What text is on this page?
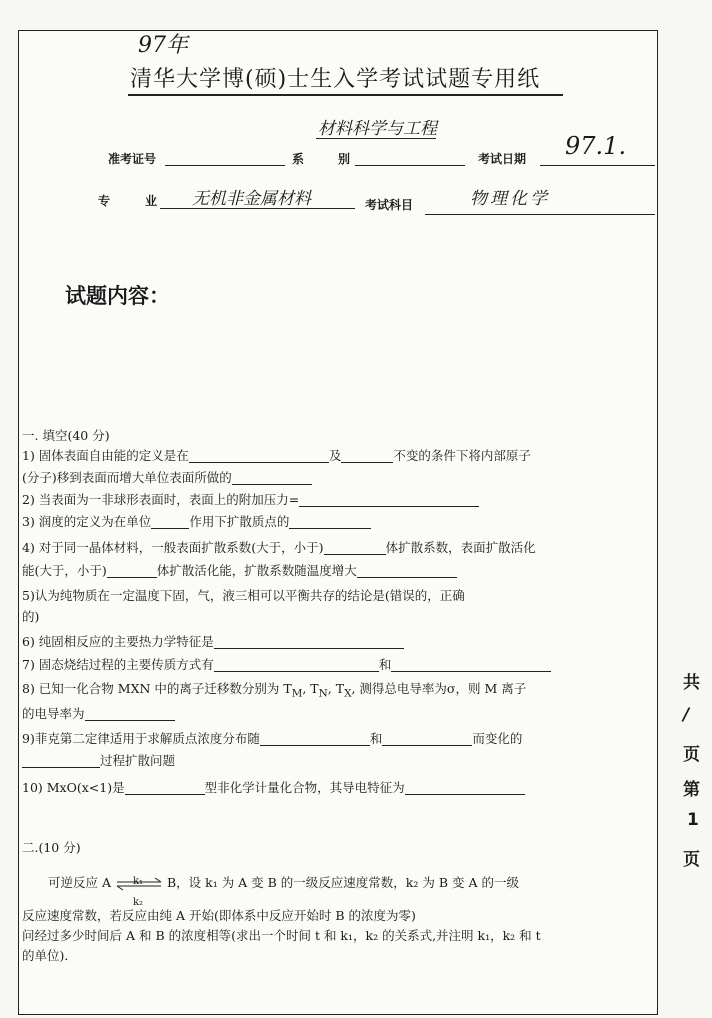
97年
清华大学博(硕)士生入学考试试题专用纸
材料科学与工程
准考证号	系	别	考试日期 97.1.
专	业 无机非金属材料	考试科目	物理化学
试题内容：
一. 填空(40 分)
1) 固体表面自由能的定义是在	及	不变的条件下将内部原子
(分子)移到表面而增大单位表面所做的
2) 当表面为一非球形表面时，表面上的附加压力=
3) 润度的定义为在单位	作用下扩散质点的
4) 对于同一晶体材料，一般表面扩散系数(大于，小于)	体扩散系数，表面扩散活化
能(大于，小于)	体扩散活化能，扩散系数随温度增大
5)认为纯物质在一定温度下固，气，液三相可以平衡共存的结论是(错误的，正确
的)
6) 纯固相反应的主要热力学特征是
7) 固态烧结过程的主要传质方式有	和
8) 已知一化合物 MXN 中的离子迁移数分别为 $T_M$, $T_N$, $T_X$, 测得总电导率为σ，则 M 离子
的电导率为
9)菲克第二定律适用于求解质点浓度分布随	和	而变化的
过程扩散问题
10) MxO(x<1)是	型非化学计量化合物，其导电特征为
二.(10 分)
可逆反应 A k₁
k₂
B，设 k₁ 为 A 变 B 的一级反应速度常数，k₂ 为 B 变 A 的一级
反应速度常数，若反应由纯 A 开始(即体系中反应开始时 B 的浓度为零)
问经过多少时间后 A 和 B 的浓度相等(求出一个时间 t 和 k₁，k₂ 的关系式,并注明 k₁，k₂ 和 t
的单位)．
共
/
页
第
1
页
